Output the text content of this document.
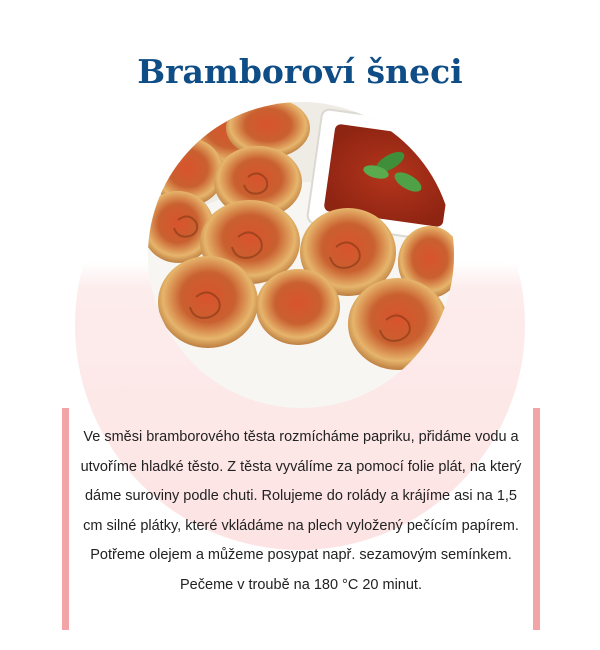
Bramboroví šneci

Ve směsi bramborového těsta rozmícháme papriku, přidáme vodu a utvoříme hladké těsto. Z těsta vyválíme za pomocí folie plát, na který dáme suroviny podle chuti. Rolujeme do rolády a krájíme asi na 1,5 cm silné plátky, které vkládáme na plech vyložený pečícím papírem. Potřeme olejem a můžeme posypat např. sezamovým semínkem. Pečeme v troubě na 180 °C 20 minut.
